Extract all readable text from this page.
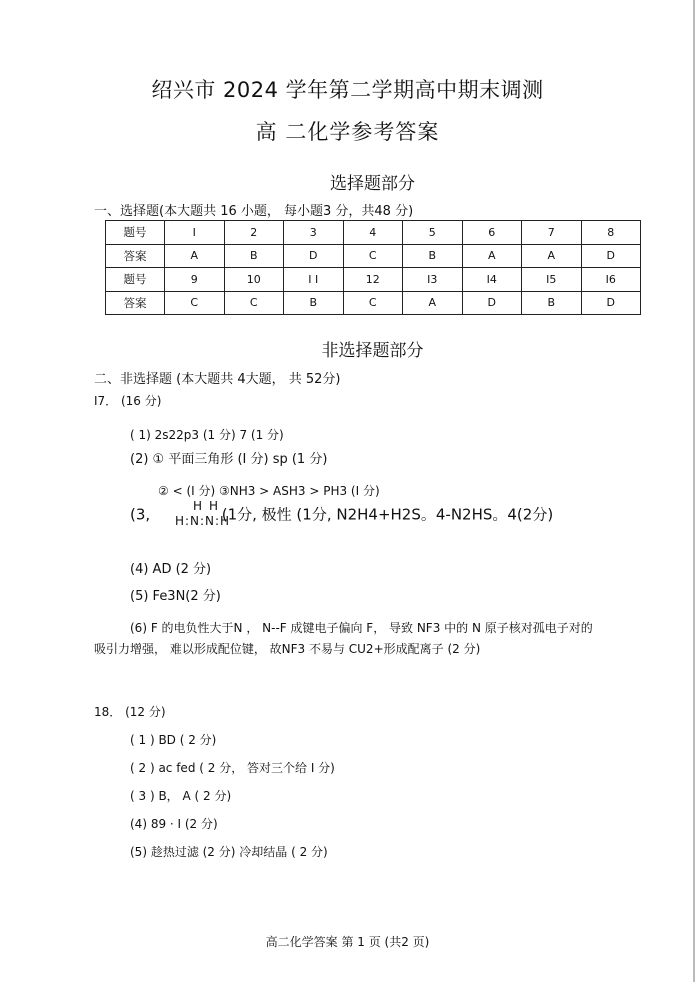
绍兴市 2024 学年第二学期高中期末调测
高 二化学参考答案
选择题部分
一、选择题(本大题共 16 小题， 每小题3 分，共48 分)
题号	I	2	3	4	5	6	7	8
答案	A	B	D	C	B	A	A	D
题号	9	10	I I	12	I3	I4	I5	I6
答案	C	C	B	C	A	D	B	D
非选择题部分
二、非选择题 (本大题共 4大题， 共 52分)
I7． (16 分)
( 1) 2s22p3 (1 分) 7 (1 分)
(2) ① 平面三角形 (I 分) sp (1 分)
② < (I 分) ③NH3 > ASH3 > PH3 (I 分)
(3,	H H
H:N:N:H
(1分, 极性 (1分, N2H4+H2S。4-N2HS。4(2分)
(4) AD (2 分)
(5) Fe3N(2 分)
(6) F 的电负性大于N ， N--F 成键电子偏向 F， 导致 NF3 中的 N 原子核对孤电子对的
吸引力增强， 难以形成配位键， 故NF3 不易与 CU2+形成配离子 (2 分)
18． (12 分)
( 1 ) BD ( 2 分)
( 2 ) ac fed ( 2 分， 答对三个给 I 分)
( 3 ) B， A ( 2 分)
(4) 89 · I (2 分)
(5) 趁热过滤 (2 分) 冷却结晶 ( 2 分)
高二化学答案 第 1 页 (共2 页)
